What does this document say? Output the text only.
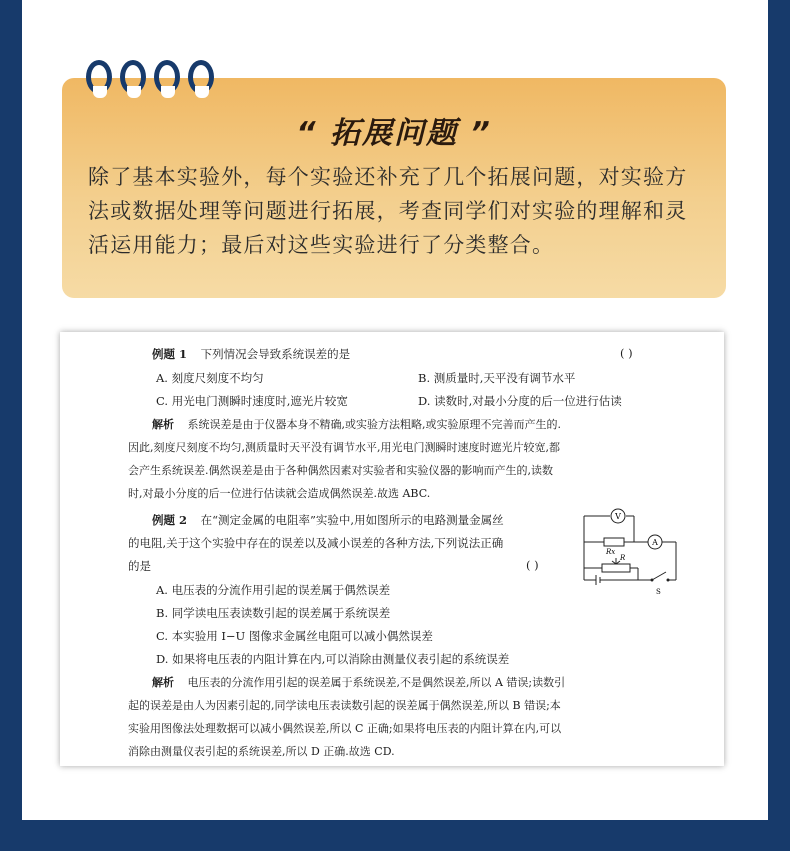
“ 拓展问题 ”
除了基本实验外，每个实验还补充了几个拓展问题，对实验方法或数据处理等问题进行拓展，考查同学们对实验的理解和灵活运用能力；最后对这些实验进行了分类整合。
例题 1 下列情况会导致系统误差的是	( )
A. 刻度尺刻度不均匀	B. 测质量时,天平没有调节水平
C. 用光电门测瞬时速度时,遮光片较宽	D. 读数时,对最小分度的后一位进行估读
解析 系统误差是由于仪器本身不精确,或实验方法粗略,或实验原理不完善而产生的.
因此,刻度尺刻度不均匀,测质量时天平没有调节水平,用光电门测瞬时速度时遮光片较宽,都
会产生系统误差.偶然误差是由于各种偶然因素对实验者和实验仪器的影响而产生的,读数
时,对最小分度的后一位进行估读就会造成偶然误差.故选 ABC.
例题 2 在“测定金属的电阻率”实验中,用如图所示的电路测量金属丝
的电阻,关于这个实验中存在的误差以及减小误差的各种方法,下列说法正确
的是	( )
A. 电压表的分流作用引起的误差属于偶然误差
B. 同学读电压表读数引起的误差属于系统误差
C. 本实验用 I−U 图像求金属丝电阻可以减小偶然误差
D. 如果将电压表的内阻计算在内,可以消除由测量仪表引起的系统误差
解析 电压表的分流作用引起的误差属于系统误差,不是偶然误差,所以 A 错误;读数引
起的误差是由人为因素引起的,同学读电压表读数引起的误差属于偶然误差,所以 B 错误;本
实验用图像法处理数据可以减小偶然误差,所以 C 正确;如果将电压表的内阻计算在内,可以
消除由测量仪表引起的系统误差,所以 D 正确.故选 CD.
V
A
Rx
R
S
